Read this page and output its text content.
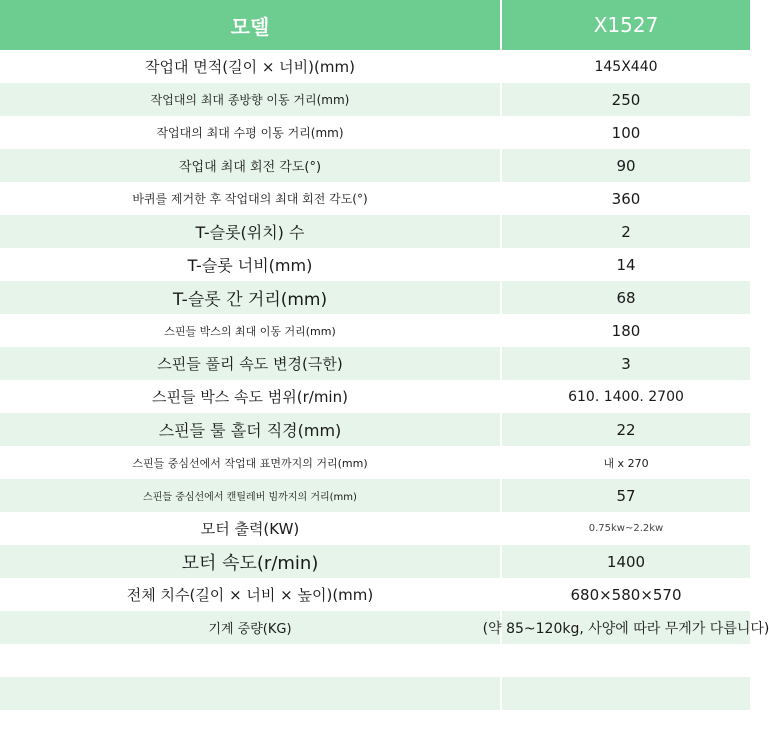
모델	X1527
작업대 면적(길이 × 너비)(mm)	145X440
작업대의 최대 종방향 이동 거리(mm)	250
작업대의 최대 수평 이동 거리(mm)	100
작업대 최대 회전 각도(°)	90
바퀴를 제거한 후 작업대의 최대 회전 각도(°)	360
T-슬롯(위치) 수	2
T-슬롯 너비(mm)	14
T-슬롯 간 거리(mm)	68
스핀들 박스의 최대 이동 거리(mm)	180
스핀들 풀리 속도 변경(극한)	3
스핀들 박스 속도 범위(r/min)	610. 1400. 2700
스핀들 툴 홀더 직경(mm)	22
스핀들 중심선에서 작업대 표면까지의 거리(mm)	내 x 270
스핀들 중심선에서 캔틸레버 빔까지의 거리(mm)	57
모터 출력(KW)	0.75kw~2.2kw
모터 속도(r/min)	1400
전체 치수(길이 × 너비 × 높이)(mm)	680×580×570
기계 중량(KG)	(약 85~120kg, 사양에 따라 무게가 다릅니다)
